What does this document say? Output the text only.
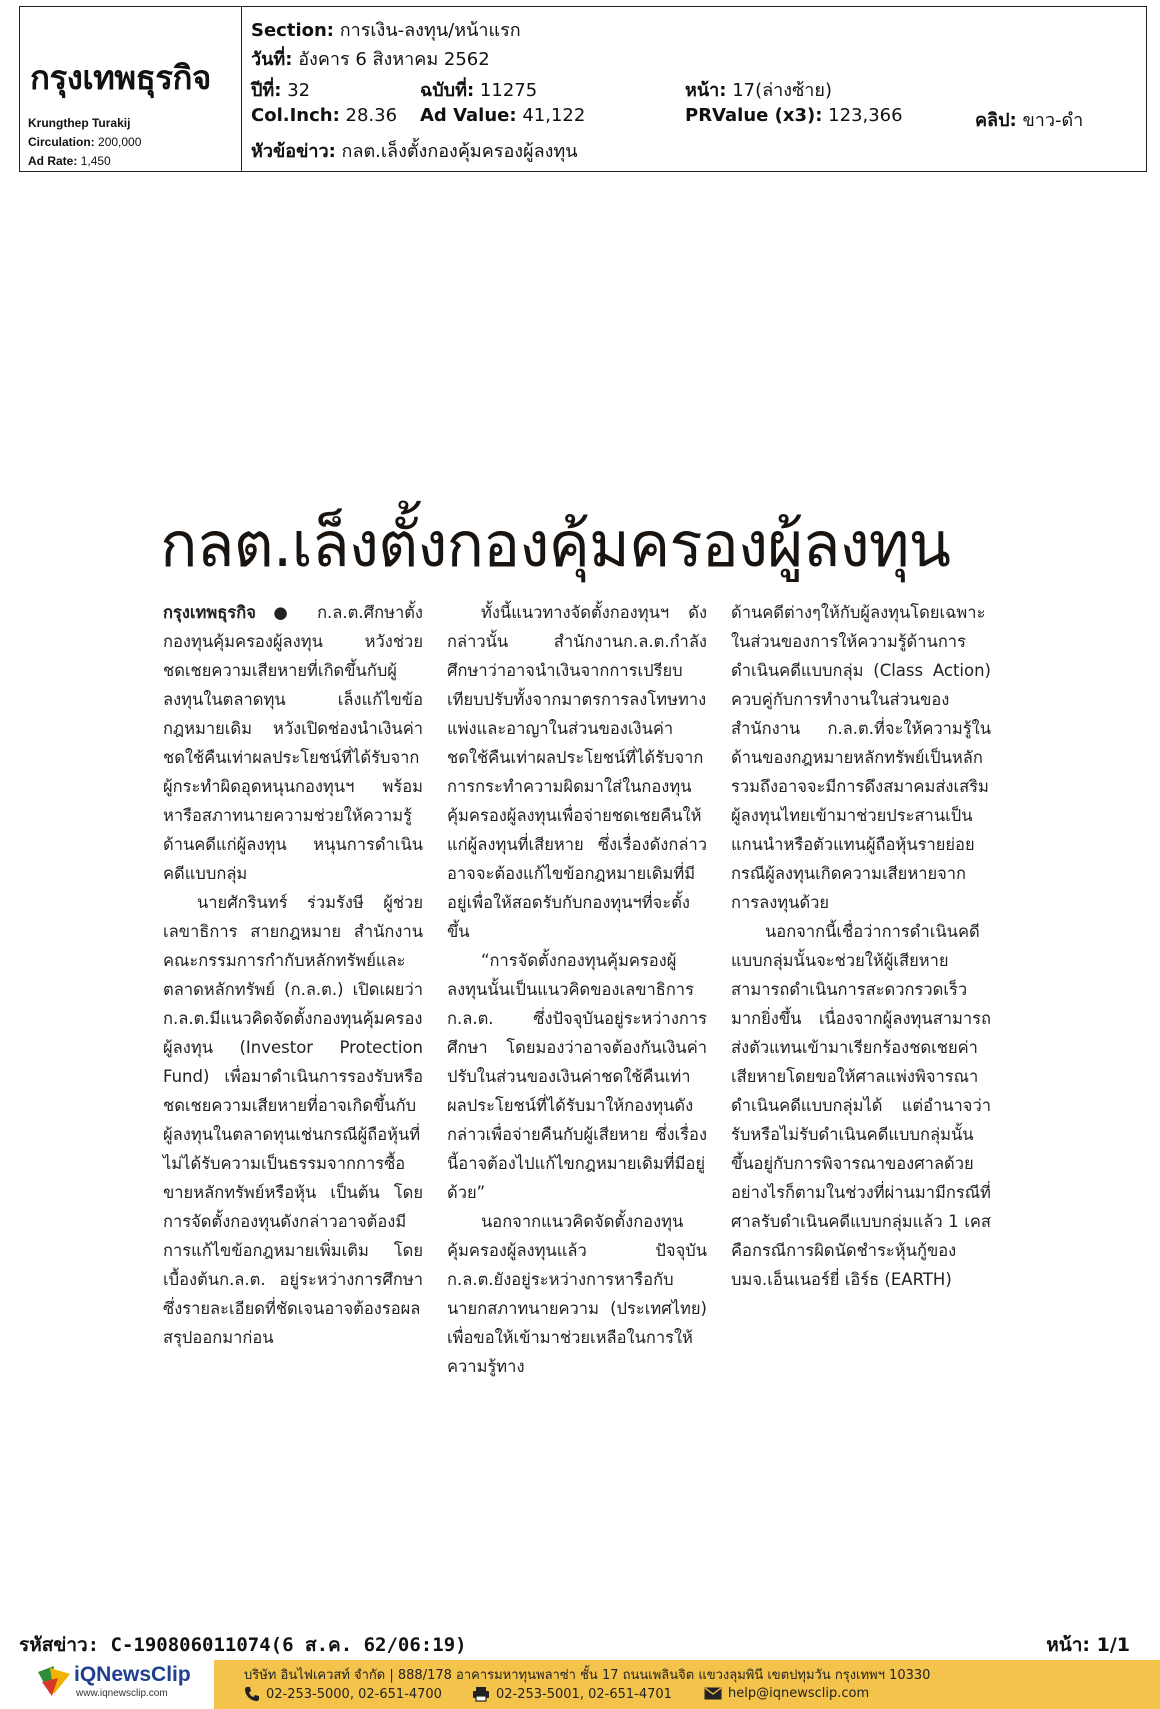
กรุงเทพธุรกิจ
Krungthep Turakij
Circulation: 200,000
Ad Rate: 1,450
Section: การเงิน-ลงทุน/หน้าแรก
วันที่: อังคาร 6 สิงหาคม 2562
ปีที่: 32	ฉบับที่: 11275	หน้า: 17(ล่างซ้าย)
Col.Inch: 28.36 Ad Value: 41,122	PRValue (x3): 123,366	คลิป: ขาว-ดำ
หัวข้อข่าว: กลต.เล็งตั้งกองคุ้มครองผู้ลงทุน
กลต.เล็งตั้งกองคุ้มครองผู้ลงทุน

กรุงเทพธุรกิจ ● ก.ล.ต.ศึกษาตั้งกองทุนคุ้มครองผู้ลงทุน หวังช่วยชดเชยความเสียหายที่เกิดขึ้นกับผู้ลงทุนในตลาดทุน เล็งแก้ไขข้อกฎหมายเดิม หวังเปิดช่องนำเงินค่าชดใช้คืนเท่าผลประโยชน์ที่ได้รับจากผู้กระทำผิดอุดหนุนกองทุนฯ พร้อมหารือสภาทนายความช่วยให้ความรู้ด้านคดีแก่ผู้ลงทุน หนุนการดำเนินคดีแบบกลุ่ม

นายศักรินทร์ ร่วมรังษี ผู้ช่วยเลขาธิการ สายกฎหมาย สำนักงานคณะกรรมการกำกับหลักทรัพย์และตลาดหลักทรัพย์ (ก.ล.ต.) เปิดเผยว่า ก.ล.ต.มีแนวคิดจัดตั้งกองทุนคุ้มครองผู้ลงทุน (Investor Protection Fund) เพื่อมาดำเนินการรองรับหรือชดเชยความเสียหายที่อาจเกิดขึ้นกับผู้ลงทุนในตลาดทุนเช่นกรณีผู้ถือหุ้นที่ไม่ได้รับความเป็นธรรมจากการซื้อขายหลักทรัพย์หรือหุ้น เป็นต้น โดยการจัดตั้งกองทุนดังกล่าวอาจต้องมีการแก้ไขข้อกฎหมายเพิ่มเติม โดยเบื้องต้นก.ล.ต. อยู่ระหว่างการศึกษา ซึ่งรายละเอียดที่ชัดเจนอาจต้องรอผลสรุปออกมาก่อน

ทั้งนี้แนวทางจัดตั้งกองทุนฯ ดังกล่าวนั้น สำนักงานก.ล.ต.กำลังศึกษาว่าอาจนำเงินจากการเปรียบเทียบปรับทั้งจากมาตรการลงโทษทางแพ่งและอาญาในส่วนของเงินค่าชดใช้คืนเท่าผลประโยชน์ที่ได้รับจากการกระทำความผิดมาใส่ในกองทุนคุ้มครองผู้ลงทุนเพื่อจ่ายชดเชยคืนให้แก่ผู้ลงทุนที่เสียหาย ซึ่งเรื่องดังกล่าวอาจจะต้องแก้ไขข้อกฎหมายเดิมที่มีอยู่เพื่อให้สอดรับกับกองทุนฯที่จะตั้งขึ้น

“การจัดตั้งกองทุนคุ้มครองผู้ลงทุนนั้นเป็นแนวคิดของเลขาธิการ ก.ล.ต. ซึ่งปัจจุบันอยู่ระหว่างการศึกษา โดยมองว่าอาจต้องกันเงินค่าปรับในส่วนของเงินค่าชดใช้คืนเท่าผลประโยชน์ที่ได้รับมาให้กองทุนดังกล่าวเพื่อจ่ายคืนกับผู้เสียหาย ซึ่งเรื่องนี้อาจต้องไปแก้ไขกฎหมายเดิมที่มีอยู่ด้วย”

นอกจากแนวคิดจัดตั้งกองทุนคุ้มครองผู้ลงทุนแล้ว ปัจจุบันก.ล.ต.ยังอยู่ระหว่างการหารือกับนายกสภาทนายความ (ประเทศไทย) เพื่อขอให้เข้ามาช่วยเหลือในการให้ความรู้ทาง

ด้านคดีต่างๆให้กับผู้ลงทุนโดยเฉพาะในส่วนของการให้ความรู้ด้านการดำเนินคดีแบบกลุ่ม (Class Action) ควบคู่กับการทำงานในส่วนของสำนักงาน ก.ล.ต.ที่จะให้ความรู้ในด้านของกฎหมายหลักทรัพย์เป็นหลัก รวมถึงอาจจะมีการดึงสมาคมส่งเสริมผู้ลงทุนไทยเข้ามาช่วยประสานเป็นแกนนำหรือตัวแทนผู้ถือหุ้นรายย่อยกรณีผู้ลงทุนเกิดความเสียหายจากการลงทุนด้วย

นอกจากนี้เชื่อว่าการดำเนินคดีแบบกลุ่มนั้นจะช่วยให้ผู้เสียหายสามารถดำเนินการสะดวกรวดเร็วมากยิ่งขึ้น เนื่องจากผู้ลงทุนสามารถส่งตัวแทนเข้ามาเรียกร้องชดเชยค่าเสียหายโดยขอให้ศาลแพ่งพิจารณาดำเนินคดีแบบกลุ่มได้ แต่อำนาจว่ารับหรือไม่รับดำเนินคดีแบบกลุ่มนั้นขึ้นอยู่กับการพิจารณาของศาลด้วย อย่างไรก็ตามในช่วงที่ผ่านมามีกรณีที่ศาลรับดำเนินคดีแบบกลุ่มแล้ว 1 เคส คือกรณีการผิดนัดชำระหุ้นกู้ของ บมจ.เอ็นเนอร์ยี่ เอิร์ธ (EARTH)

รหัสข่าว: C-190806011074(6 ส.ค. 62/06:19)	หน้า: 1/1
iQNewsClip
www.iqnewsclip.com
บริษัท อินไฟเควสท์ จำกัด | 888/178 อาคารมหาทุนพลาซ่า ชั้น 17 ถนนเพลินจิต แขวงลุมพินี เขตปทุมวัน กรุงเทพฯ 10330
02-253-5000, 02-651-4700	02-253-5001, 02-651-4701	help@iqnewsclip.com
